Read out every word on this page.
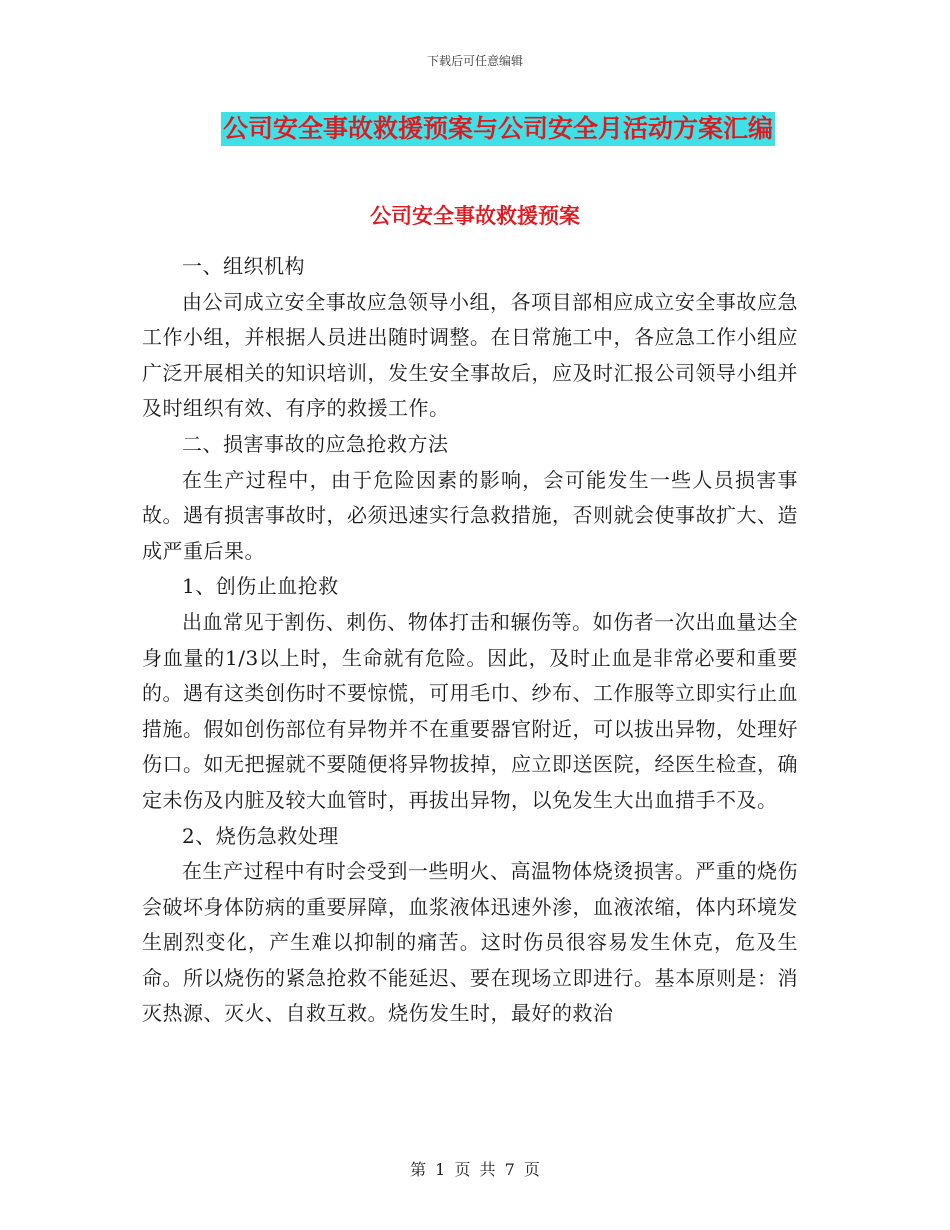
下载后可任意编辑
公司安全事故救援预案与公司安全月活动方案汇编
公司安全事故救援预案

一、组织机构

由公司成立安全事故应急领导小组，各项目部相应成立安全事故应急工作小组，并根据人员进出随时调整。在日常施工中，各应急工作小组应广泛开展相关的知识培训，发生安全事故后，应及时汇报公司领导小组并及时组织有效、有序的救援工作。

二、损害事故的应急抢救方法

在生产过程中，由于危险因素的影响，会可能发生一些人员损害事故。遇有损害事故时，必须迅速实行急救措施，否则就会使事故扩大、造成严重后果。

1、创伤止血抢救

出血常见于割伤、刺伤、物体打击和辗伤等。如伤者一次出血量达全身血量的1/3以上时，生命就有危险。因此，及时止血是非常必要和重要的。遇有这类创伤时不要惊慌，可用毛巾、纱布、工作服等立即实行止血措施。假如创伤部位有异物并不在重要器官附近，可以拔出异物，处理好伤口。如无把握就不要随便将异物拔掉，应立即送医院，经医生检查，确定未伤及内脏及较大血管时，再拔出异物，以免发生大出血措手不及。

2、烧伤急救处理

在生产过程中有时会受到一些明火、高温物体烧烫损害。严重的烧伤会破坏身体防病的重要屏障，血浆液体迅速外渗，血液浓缩，体内环境发生剧烈变化，产生难以抑制的痛苦。这时伤员很容易发生休克，危及生命。所以烧伤的紧急抢救不能延迟、要在现场立即进行。基本原则是：消灭热源、灭火、自救互救。烧伤发生时，最好的救治

第 1 页 共 7 页
